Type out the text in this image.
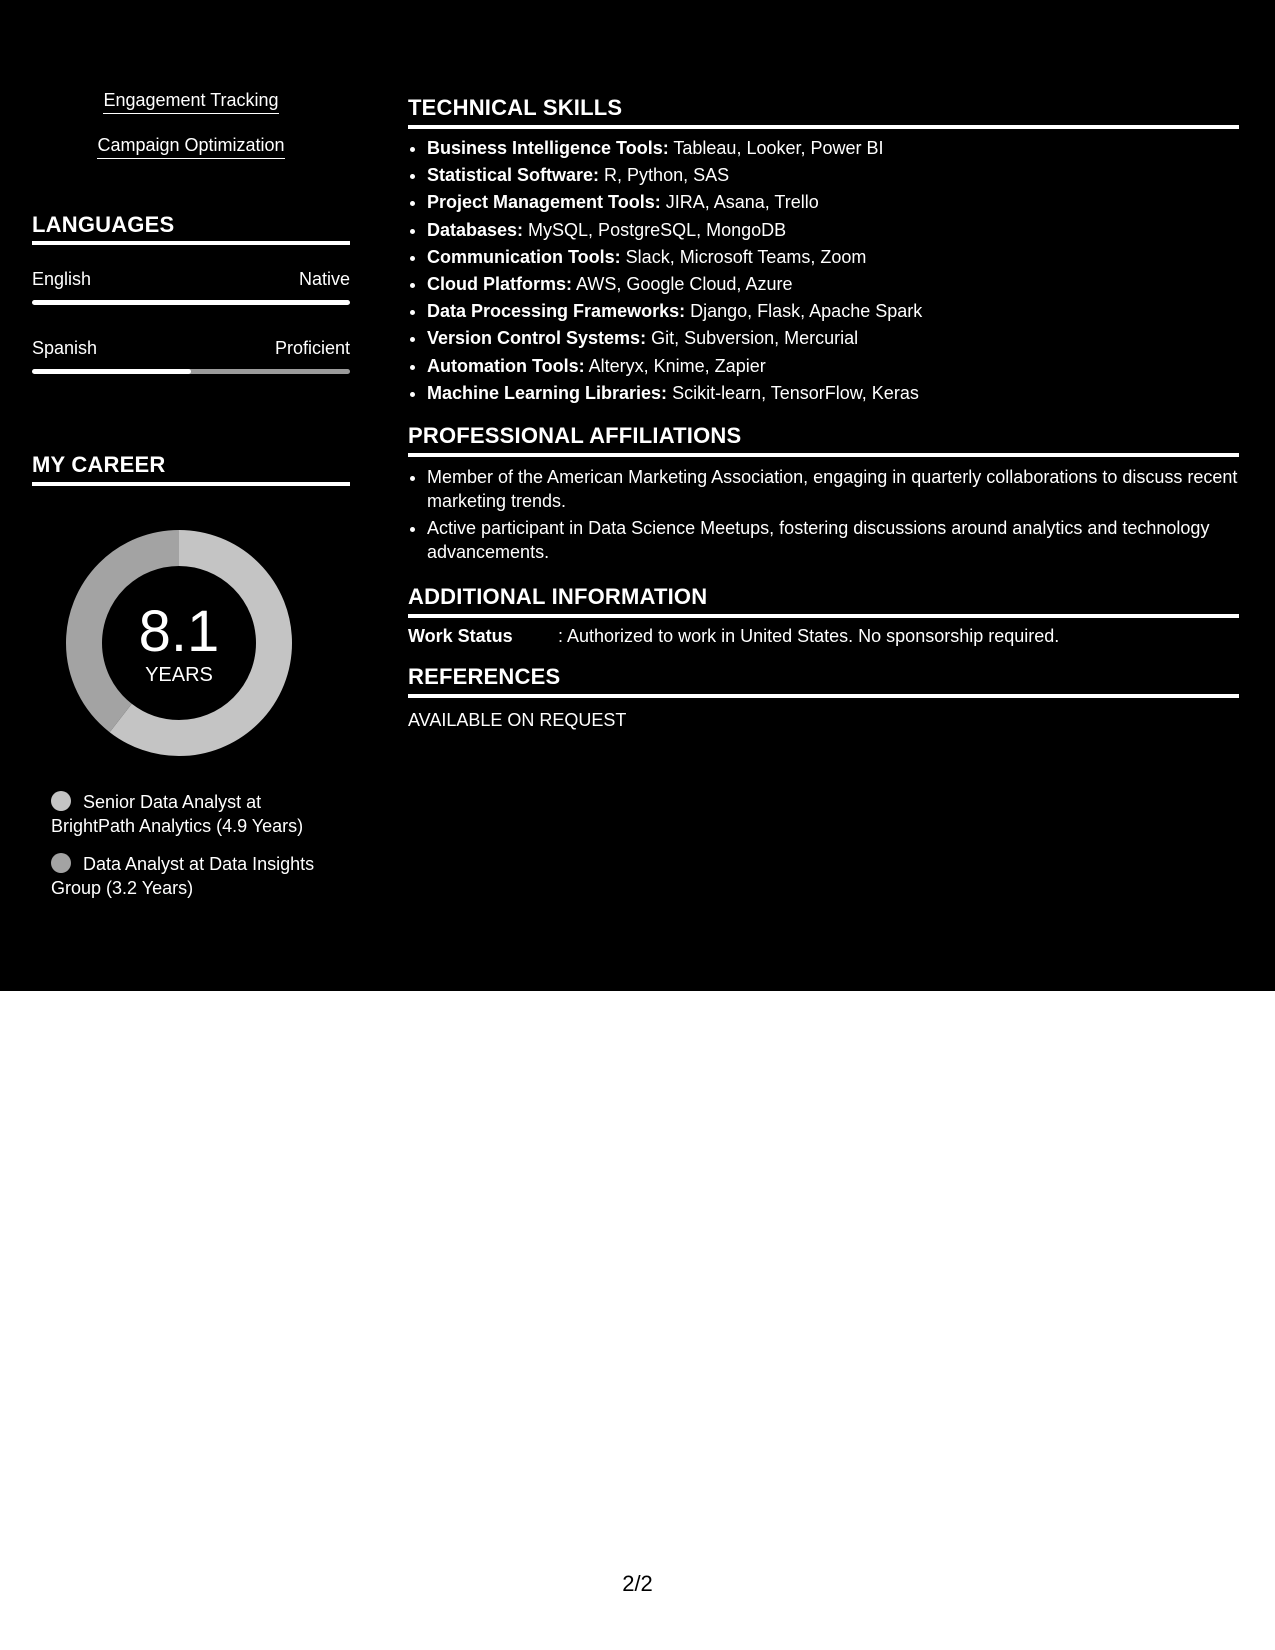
Engagement Tracking
Campaign Optimization
LANGUAGES
English	Native
Spanish	Proficient
MY CAREER
8.1
YEARS
Senior Data Analyst at BrightPath Analytics (4.9 Years)
Data Analyst at Data Insights Group (3.2 Years)
TECHNICAL SKILLS
• Business Intelligence Tools: Tableau, Looker, Power BI
• Statistical Software: R, Python, SAS
• Project Management Tools: JIRA, Asana, Trello
• Databases: MySQL, PostgreSQL, MongoDB
• Communication Tools: Slack, Microsoft Teams, Zoom
• Cloud Platforms: AWS, Google Cloud, Azure
• Data Processing Frameworks: Django, Flask, Apache Spark
• Version Control Systems: Git, Subversion, Mercurial
• Automation Tools: Alteryx, Knime, Zapier
• Machine Learning Libraries: Scikit-learn, TensorFlow, Keras
PROFESSIONAL AFFILIATIONS
• Member of the American Marketing Association, engaging in quarterly collaborations to discuss recent marketing trends.
• Active participant in Data Science Meetups, fostering discussions around analytics and technology advancements.
ADDITIONAL INFORMATION
Work Status	: Authorized to work in United States. No sponsorship required.
REFERENCES
AVAILABLE ON REQUEST
2/2
